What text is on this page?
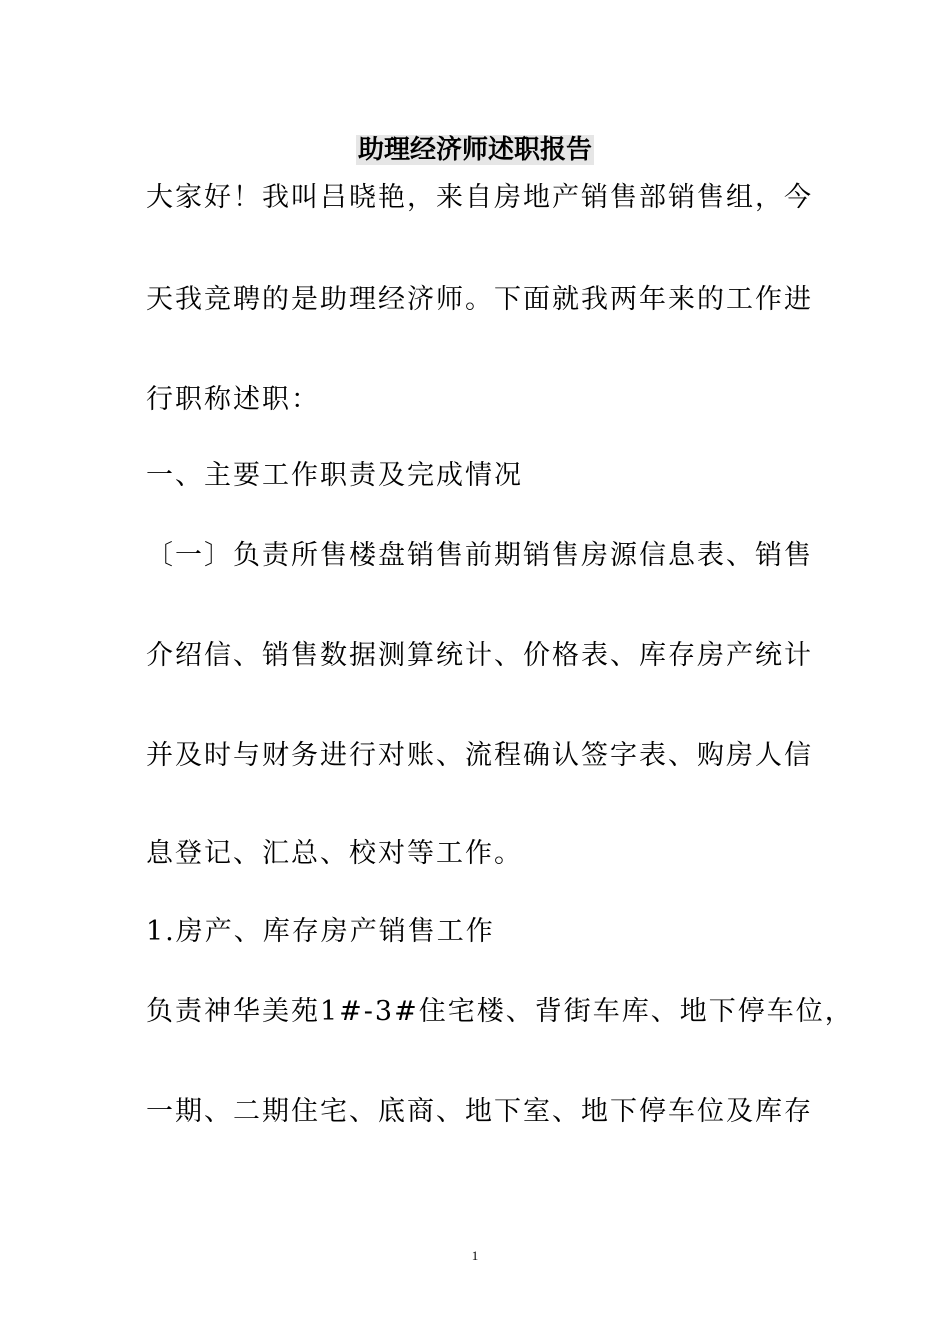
助理经济师述职报告

大家好！我叫吕晓艳，来自房地产销售部销售组，今

天我竞聘的是助理经济师。下面就我两年来的工作进

行职称述职：

一、主要工作职责及完成情况

〔一〕负责所售楼盘销售前期销售房源信息表、销售

介绍信、销售数据测算统计、价格表、库存房产统计

并及时与财务进行对账、流程确认签字表、购房人信

息登记、汇总、校对等工作。

1.房产、库存房产销售工作

负责神华美苑1#-3#住宅楼、背街车库、地下停车位，

一期、二期住宅、底商、地下室、地下停车位及库存

1
